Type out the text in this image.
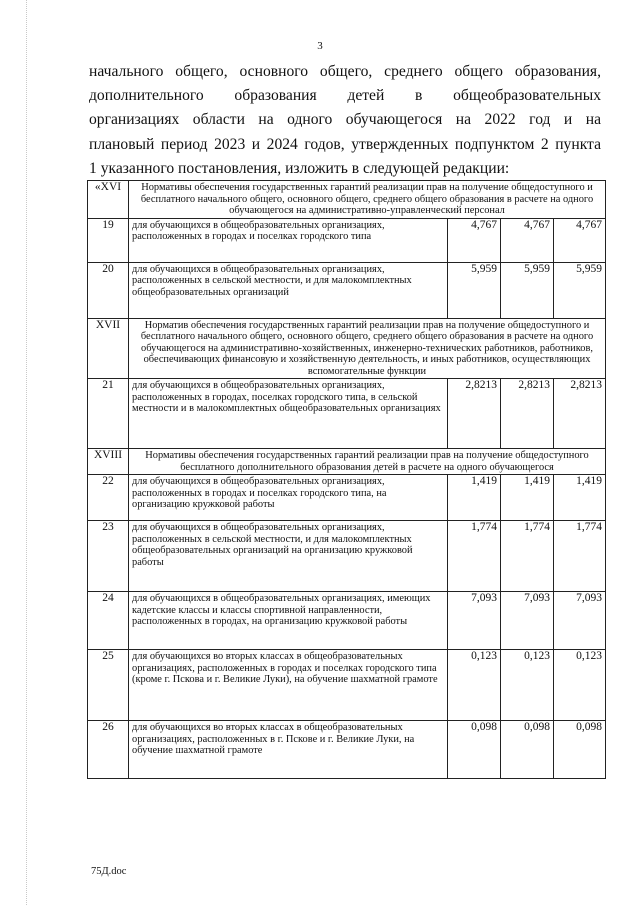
3
начального общего, основного общего, среднего общего образования,
дополнительного образования детей в общеобразовательных
организациях области на одного обучающегося на 2022 год и на
плановый период 2023 и 2024 годов, утвержденных подпунктом 2 пункта
1 указанного постановления, изложить в следующей редакции:
«XVI	Нормативы обеспечения государственных гарантий реализации прав на получение общедоступного и бесплатного начального общего, основного общего, среднего общего образования в расчете на одного обучающегося на административно-управленческий персонал			
19	для обучающихся в общеобразовательных организациях, расположенных в городах и поселках городского типа	4,767	4,767	4,767
20	для обучающихся в общеобразовательных организациях, расположенных в сельской местности, и для малокомплектных общеобразовательных организаций	5,959	5,959	5,959
XVII	Норматив обеспечения государственных гарантий реализации прав на получение общедоступного и бесплатного начального общего, основного общего, среднего общего образования в расчете на одного обучающегося на административно-хозяйственных, инженерно-технических работников, работников, обеспечивающих финансовую и хозяйственную деятельность, и иных работников, осуществляющих вспомогательные функции			
21	для обучающихся в общеобразовательных организациях, расположенных в городах, поселках городского типа, в сельской местности и в малокомплектных общеобразовательных организациях	2,8213	2,8213	2,8213
XVIII	Нормативы обеспечения государственных гарантий реализации прав на получение общедоступного бесплатного дополнительного образования детей в расчете на одного обучающегося			
22	для обучающихся в общеобразовательных организациях, расположенных в городах и поселках городского типа, на организацию кружковой работы	1,419	1,419	1,419
23	для обучающихся в общеобразовательных организациях, расположенных в сельской местности, и для малокомплектных общеобразовательных организаций на организацию кружковой работы	1,774	1,774	1,774
24	для обучающихся в общеобразовательных организациях, имеющих кадетские классы и классы спортивной направленности, расположенных в городах, на организацию кружковой работы	7,093	7,093	7,093
25	для обучающихся во вторых классах в общеобразовательных организациях, расположенных в городах и поселках городского типа (кроме г. Пскова и г. Великие Луки), на обучение шахматной грамоте	0,123	0,123	0,123
26	для обучающихся во вторых классах в общеобразовательных организациях, расположенных в г. Пскове и г. Великие Луки, на обучение шахматной грамоте	0,098	0,098	0,098
75Д.doc
